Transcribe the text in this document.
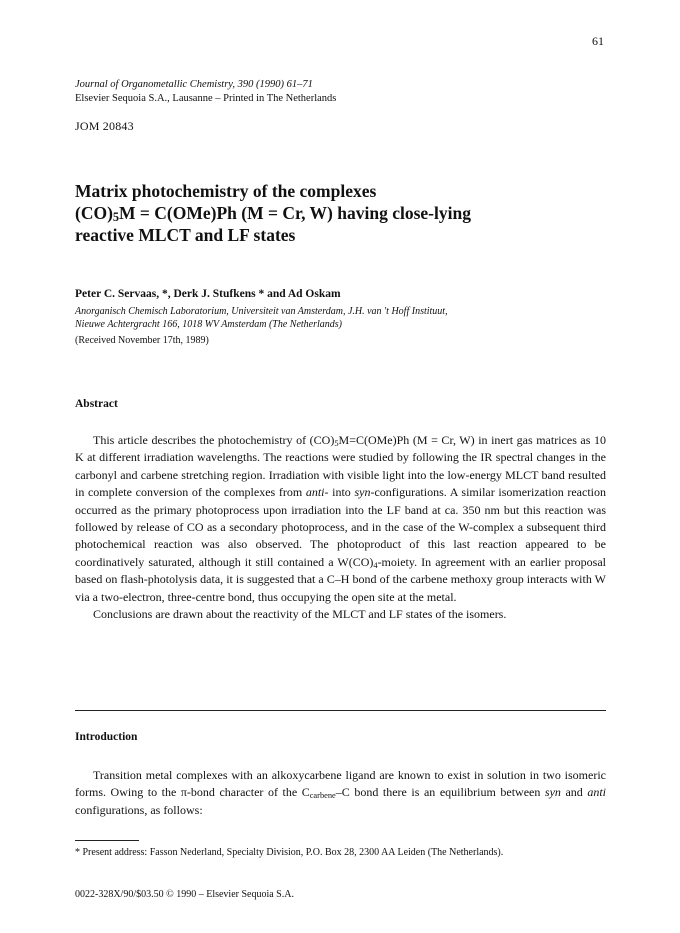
61
Journal of Organometallic Chemistry, 390 (1990) 61–71
Elsevier Sequoia S.A., Lausanne – Printed in The Netherlands
JOM 20843
Matrix photochemistry of the complexes
$(CO)_5M = C(OMe)Ph$ (M = Cr, W) having close-lying
reactive MLCT and LF states
Peter C. Servaas, *, Derk J. Stufkens * and Ad Oskam
Anorganisch Chemisch Laboratorium, Universiteit van Amsterdam, J.H. van 't Hoff Instituut,
Nieuwe Achtergracht 166, 1018 WV Amsterdam (The Netherlands)
(Received November 17th, 1989)
Abstract

This article describes the photochemistry of $(CO)_5M=C(OMe)Ph$ (M = Cr, W) in inert gas matrices as 10 K at different irradiation wavelengths. The reactions were studied by following the IR spectral changes in the carbonyl and carbene stretching region. Irradiation with visible light into the low-energy MLCT band resulted in complete conversion of the complexes from anti- into syn-configurations. A similar isomerization reaction occurred as the primary photoprocess upon irradiation into the LF band at ca. 350 nm but this reaction was followed by release of CO as a secondary photoprocess, and in the case of the W-complex a subsequent third photochemical reaction was also observed. The photoproduct of this last reaction appeared to be coordinatively saturated, although it still contained a $W(CO)_4$-moiety. In agreement with an earlier proposal based on flash-photolysis data, it is suggested that a C–H bond of the carbene methoxy group interacts with W via a two-electron, three-centre bond, thus occupying the open site at the metal.

Conclusions are drawn about the reactivity of the MLCT and LF states of the isomers.

Introduction

Transition metal complexes with an alkoxycarbene ligand are known to exist in solution in two isomeric forms. Owing to the π-bond character of the $C_{carbene}-C$ bond there is an equilibrium between syn and anti configurations, as follows:

* Present address: Fasson Nederland, Specialty Division, P.O. Box 28, 2300 AA Leiden (The Netherlands).
0022-328X/90/$03.50 © 1990 – Elsevier Sequoia S.A.
